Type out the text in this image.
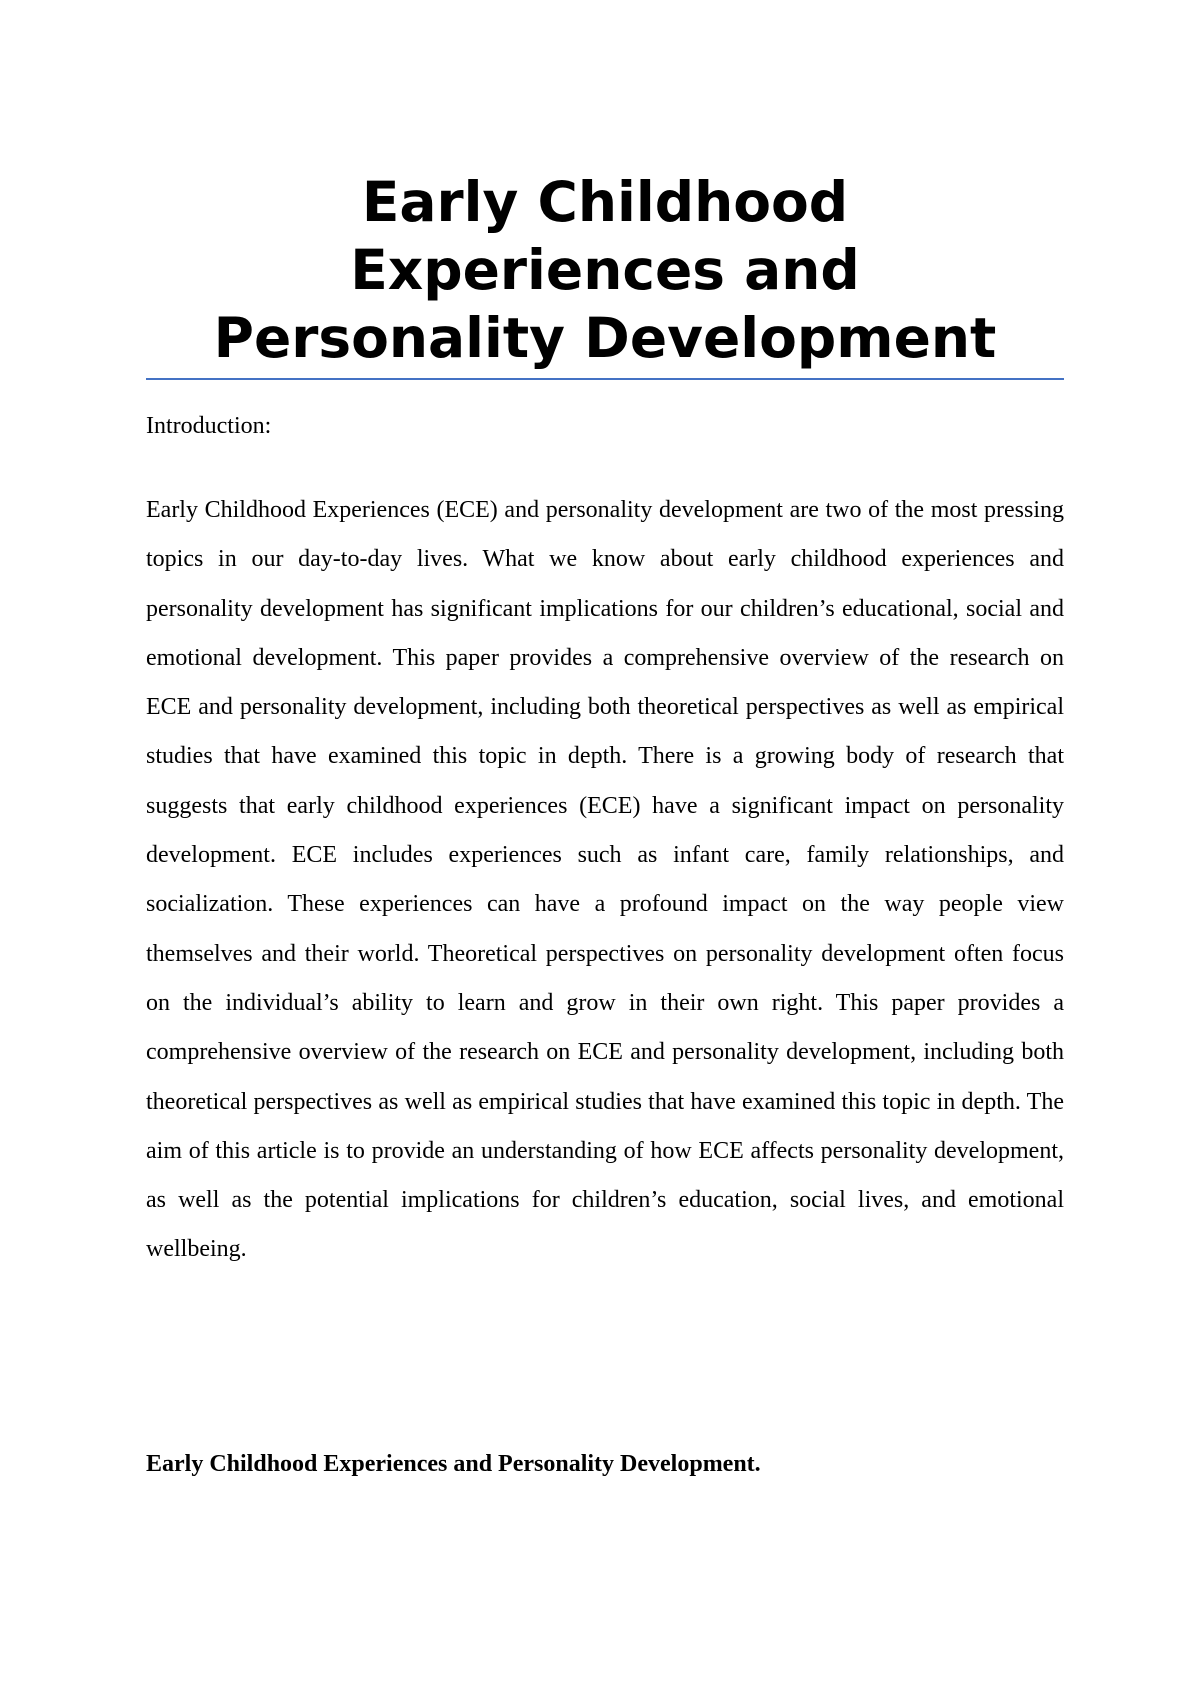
Early Childhood
Experiences and
Personality Development
Introduction:

Early Childhood Experiences (ECE) and personality development are two of the most pressing topics in our day-to-day lives. What we know about early childhood experiences and personality development has significant implications for our children’s educational, social and emotional development. This paper provides a comprehensive overview of the research on ECE and personality development, including both theoretical perspectives as well as empirical studies that have examined this topic in depth. There is a growing body of research that suggests that early childhood experiences (ECE) have a significant impact on personality development. ECE includes experiences such as infant care, family relationships, and socialization. These experiences can have a profound impact on the way people view themselves and their world. Theoretical perspectives on personality development often focus on the individual’s ability to learn and grow in their own right. This paper provides a comprehensive overview of the research on ECE and personality development, including both theoretical perspectives as well as empirical studies that have examined this topic in depth. The aim of this article is to provide an understanding of how ECE affects personality development, as well as the potential implications for children’s education, social lives, and emotional wellbeing.

Early Childhood Experiences and Personality Development.
